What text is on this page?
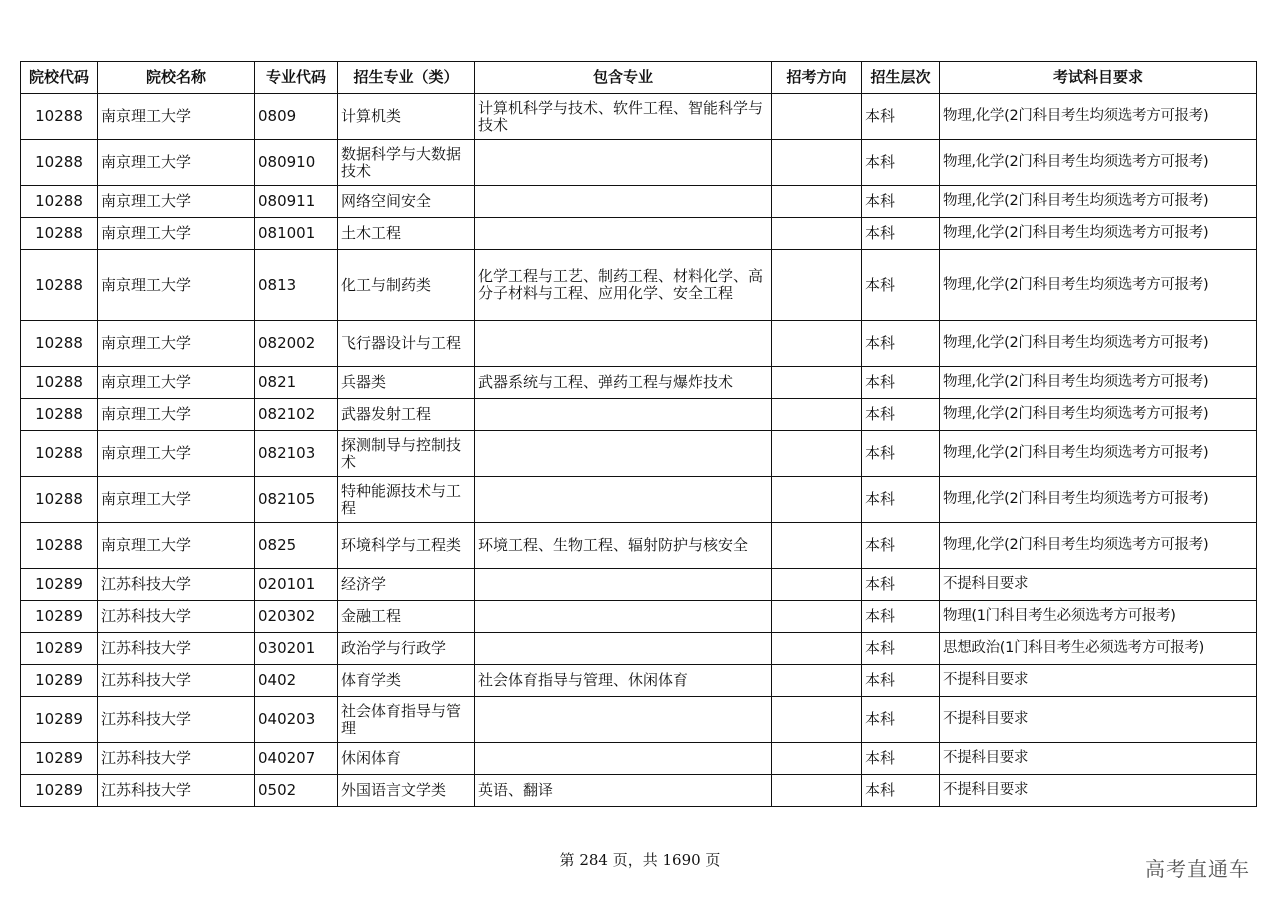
院校代码	院校名称	专业代码	招生专业（类）	包含专业	招考方向	招生层次	考试科目要求
10288	南京理工大学	0809	计算机类	计算机科学与技术、软件工程、智能科学与技术		本科	物理,化学(2门科目考生均须选考方可报考)
10288	南京理工大学	080910	数据科学与大数据技术			本科	物理,化学(2门科目考生均须选考方可报考)
10288	南京理工大学	080911	网络空间安全			本科	物理,化学(2门科目考生均须选考方可报考)
10288	南京理工大学	081001	土木工程			本科	物理,化学(2门科目考生均须选考方可报考)
10288	南京理工大学	0813	化工与制药类	化学工程与工艺、制药工程、材料化学、高分子材料与工程、应用化学、安全工程		本科	物理,化学(2门科目考生均须选考方可报考)
10288	南京理工大学	082002	飞行器设计与工程			本科	物理,化学(2门科目考生均须选考方可报考)
10288	南京理工大学	0821	兵器类	武器系统与工程、弹药工程与爆炸技术		本科	物理,化学(2门科目考生均须选考方可报考)
10288	南京理工大学	082102	武器发射工程			本科	物理,化学(2门科目考生均须选考方可报考)
10288	南京理工大学	082103	探测制导与控制技术			本科	物理,化学(2门科目考生均须选考方可报考)
10288	南京理工大学	082105	特种能源技术与工程			本科	物理,化学(2门科目考生均须选考方可报考)
10288	南京理工大学	0825	环境科学与工程类	环境工程、生物工程、辐射防护与核安全		本科	物理,化学(2门科目考生均须选考方可报考)
10289	江苏科技大学	020101	经济学			本科	不提科目要求
10289	江苏科技大学	020302	金融工程			本科	物理(1门科目考生必须选考方可报考)
10289	江苏科技大学	030201	政治学与行政学			本科	思想政治(1门科目考生必须选考方可报考)
10289	江苏科技大学	0402	体育学类	社会体育指导与管理、休闲体育		本科	不提科目要求
10289	江苏科技大学	040203	社会体育指导与管理			本科	不提科目要求
10289	江苏科技大学	040207	休闲体育			本科	不提科目要求
10289	江苏科技大学	0502	外国语言文学类	英语、翻译		本科	不提科目要求
第 284 页，共 1690 页	高考直通车
